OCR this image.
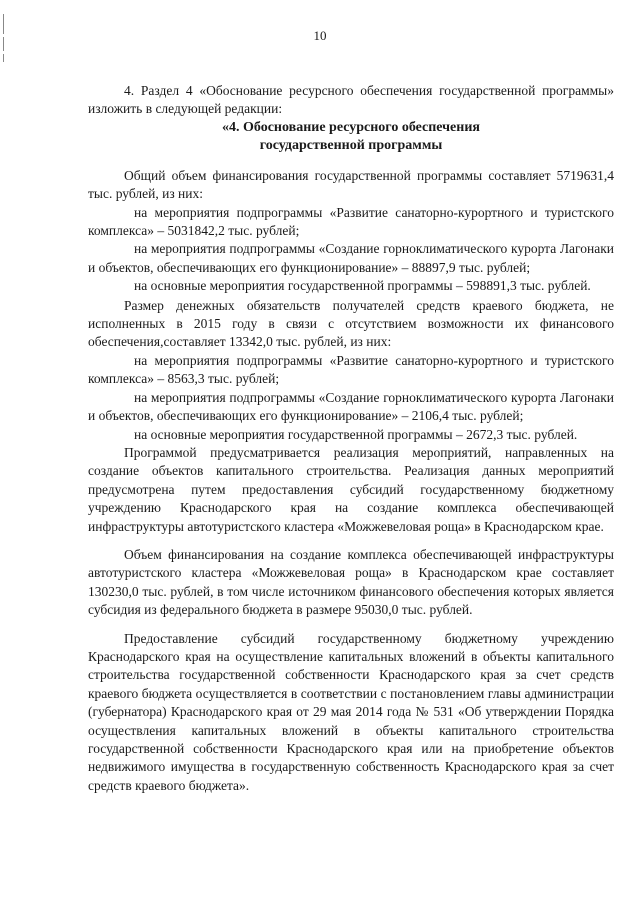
10

4. Раздел 4 «Обоснование ресурсного обеспечения государственной программы» изложить в следующей редакции:

«4. Обоснование ресурсного обеспечения
государственной программы

Общий объем финансирования государственной программы составляет 5719631,4 тыс. рублей, из них:

на мероприятия подпрограммы «Развитие санаторно-курортного и туристского комплекса» – 5031842,2 тыс. рублей;

на мероприятия подпрограммы «Создание горноклиматического курорта Лагонаки и объектов, обеспечивающих его функционирование» – 88897,9 тыс. рублей;

на основные мероприятия государственной программы – 598891,3 тыс. рублей.

Размер денежных обязательств получателей средств краевого бюджета, не исполненных в 2015 году в связи с отсутствием возможности их финансового обеспечения,составляет 13342,0 тыс. рублей, из них:

на мероприятия подпрограммы «Развитие санаторно-курортного и туристского комплекса» – 8563,3 тыс. рублей;

на мероприятия подпрограммы «Создание горноклиматического курорта Лагонаки и объектов, обеспечивающих его функционирование» – 2106,4 тыс. рублей;

на основные мероприятия государственной программы – 2672,3 тыс. рублей.

Программой предусматривается реализация мероприятий, направленных на создание объектов капитального строительства. Реализация данных мероприятий предусмотрена путем предоставления субсидий государственному бюджетному учреждению Краснодарского края на создание комплекса обеспечивающей инфраструктуры автотуристского кластера «Можжевеловая роща» в Краснодарском крае.

Объем финансирования на создание комплекса обеспечивающей инфраструктуры автотуристского кластера «Можжевеловая роща» в Краснодарском крае составляет 130230,0 тыс. рублей, в том числе источником финансового обеспечения которых является субсидия из федерального бюджета в размере 95030,0 тыс. рублей.

Предоставление субсидий государственному бюджетному учреждению Краснодарского края на осуществление капитальных вложений в объекты капитального строительства государственной собственности Краснодарского края за счет средств краевого бюджета осуществляется в соответствии с постановлением главы администрации (губернатора) Краснодарского края от 29 мая 2014 года № 531 «Об утверждении Порядка осуществления капитальных вложений в объекты капитального строительства государственной собственности Краснодарского края или на приобретение объектов недвижимого имущества в государственную собственность Краснодарского края за счет средств краевого бюджета».
